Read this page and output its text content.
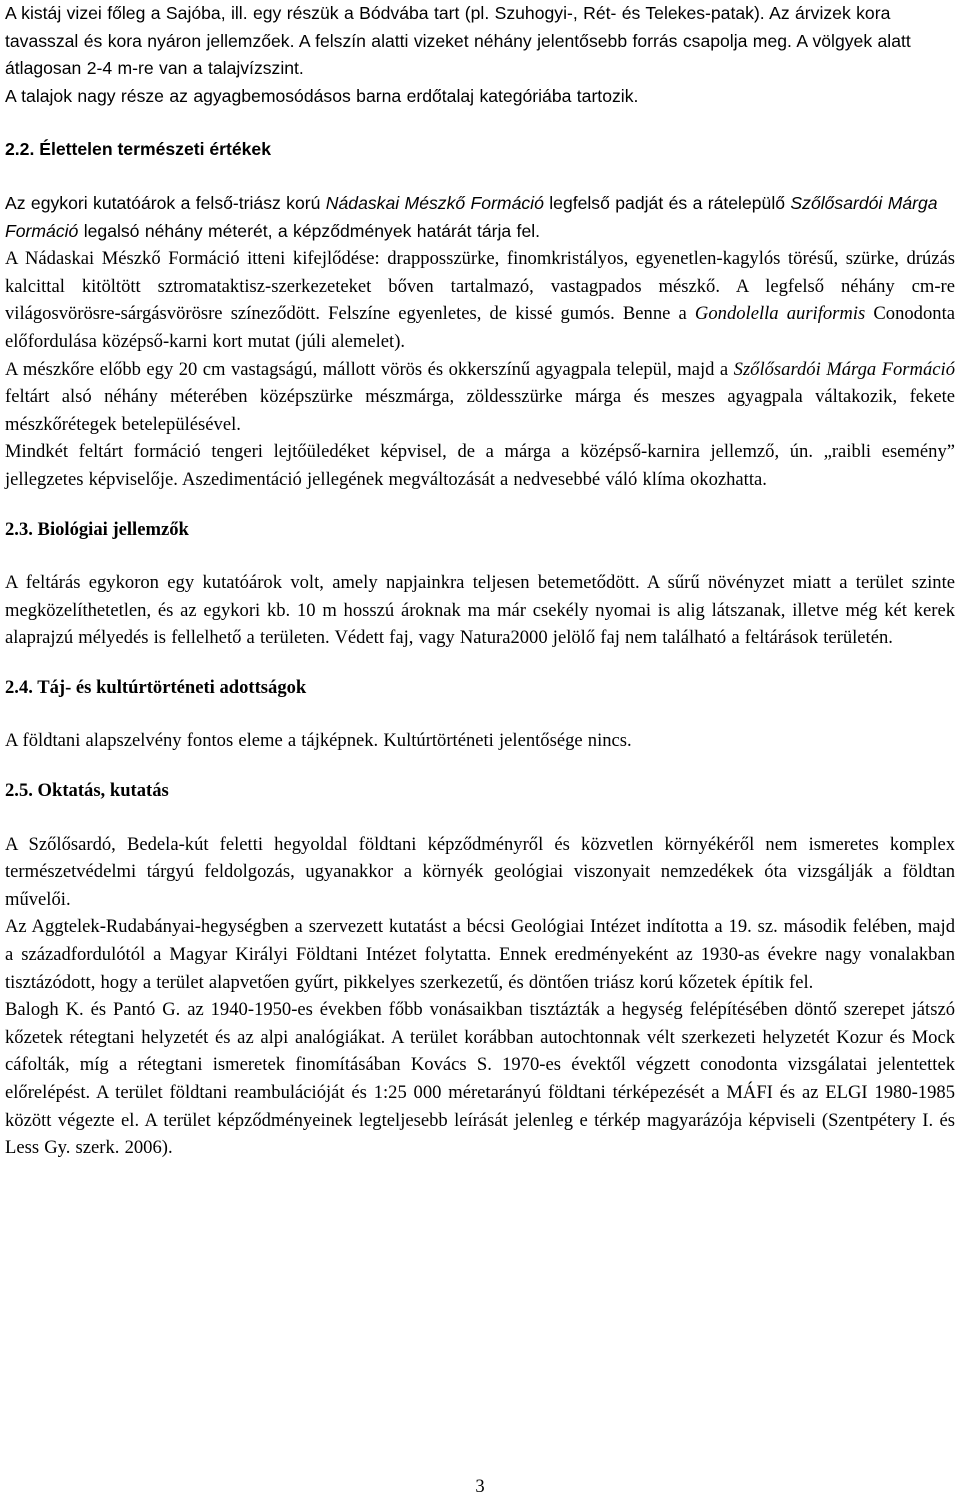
A kistáj vizei főleg a Sajóba, ill. egy részük a Bódvába tart (pl. Szuhogyi-, Rét- és Telekes-patak). Az árvizek kora tavasszal és kora nyáron jellemzőek. A felszín alatti vizeket néhány jelentősebb forrás csapolja meg. A völgyek alatt átlagosan 2-4 m-re van a talajvízszint.

A talajok nagy része az agyagbemosódásos barna erdőtalaj kategóriába tartozik.

2.2. Élettelen természeti értékek

Az egykori kutatóárok a felső-triász korú Nádaskai Mészkő Formáció legfelső padját és a rátelepülő Szőlősardói Márga Formáció legalsó néhány méterét, a képződmények határát tárja fel.

A Nádaskai Mészkő Formáció itteni kifejlődése: drapposszürke, finomkristályos, egyenetlen-kagylós törésű, szürke, drúzás kalcittal kitöltött sztromataktisz-szerkezeteket bőven tartalmazó, vastagpados mészkő. A legfelső néhány cm-re világosvörösre-sárgásvörösre színeződött. Felszíne egyenletes, de kissé gumós. Benne a Gondolella auriformis Conodonta előfordulása középső-karni kort mutat (júli alemelet).

A mészkőre előbb egy 20 cm vastagságú, mállott vörös és okkerszínű agyagpala települ, majd a Szőlősardói Márga Formáció feltárt alsó néhány méterében középszürke mészmárga, zöldesszürke márga és meszes agyagpala váltakozik, fekete mészkőrétegek betelepülésével.

Mindkét feltárt formáció tengeri lejtőüledéket képvisel, de a márga a középső-karnira jellemző, ún. „raibli esemény” jellegzetes képviselője. Aszedimentáció jellegének megváltozását a nedvesebbé váló klíma okozhatta.

2.3. Biológiai jellemzők

A feltárás egykoron egy kutatóárok volt, amely napjainkra teljesen betemetődött. A sűrű növényzet miatt a terület szinte megközelíthetetlen, és az egykori kb. 10 m hosszú ároknak ma már csekély nyomai is alig látszanak, illetve még két kerek alaprajzú mélyedés is fellelhető a területen. Védett faj, vagy Natura2000 jelölő faj nem található a feltárások területén.

2.4. Táj- és kultúrtörténeti adottságok

A földtani alapszelvény fontos eleme a tájképnek. Kultúrtörténeti jelentősége nincs.

2.5. Oktatás, kutatás

A Szőlősardó, Bedela-kút feletti hegyoldal földtani képződményről és közvetlen környékéről nem ismeretes komplex természetvédelmi tárgyú feldolgozás, ugyanakkor a környék geológiai viszonyait nemzedékek óta vizsgálják a földtan művelői.

Az Aggtelek-Rudabányai-hegységben a szervezett kutatást a bécsi Geológiai Intézet indította a 19. sz. második felében, majd a századfordulótól a Magyar Királyi Földtani Intézet folytatta. Ennek eredményeként az 1930-as évekre nagy vonalakban tisztázódott, hogy a terület alapvetően gyűrt, pikkelyes szerkezetű, és döntően triász korú kőzetek építik fel.

Balogh K. és Pantó G. az 1940-1950-es években főbb vonásaikban tisztázták a hegység felépítésében döntő szerepet játszó kőzetek rétegtani helyzetét és az alpi analógiákat. A terület korábban autochtonnak vélt szerkezeti helyzetét Kozur és Mock cáfolták, míg a rétegtani ismeretek finomításában Kovács S. 1970-es évektől végzett conodonta vizsgálatai jelentettek előrelépést. A terület földtani reambulációját és 1:25 000 méretarányú földtani térképezését a MÁFI és az ELGI 1980-1985 között végezte el. A terület képződményeinek legteljesebb leírását jelenleg e térkép magyarázója képviseli (Szentpétery I. és Less Gy. szerk. 2006).

3
